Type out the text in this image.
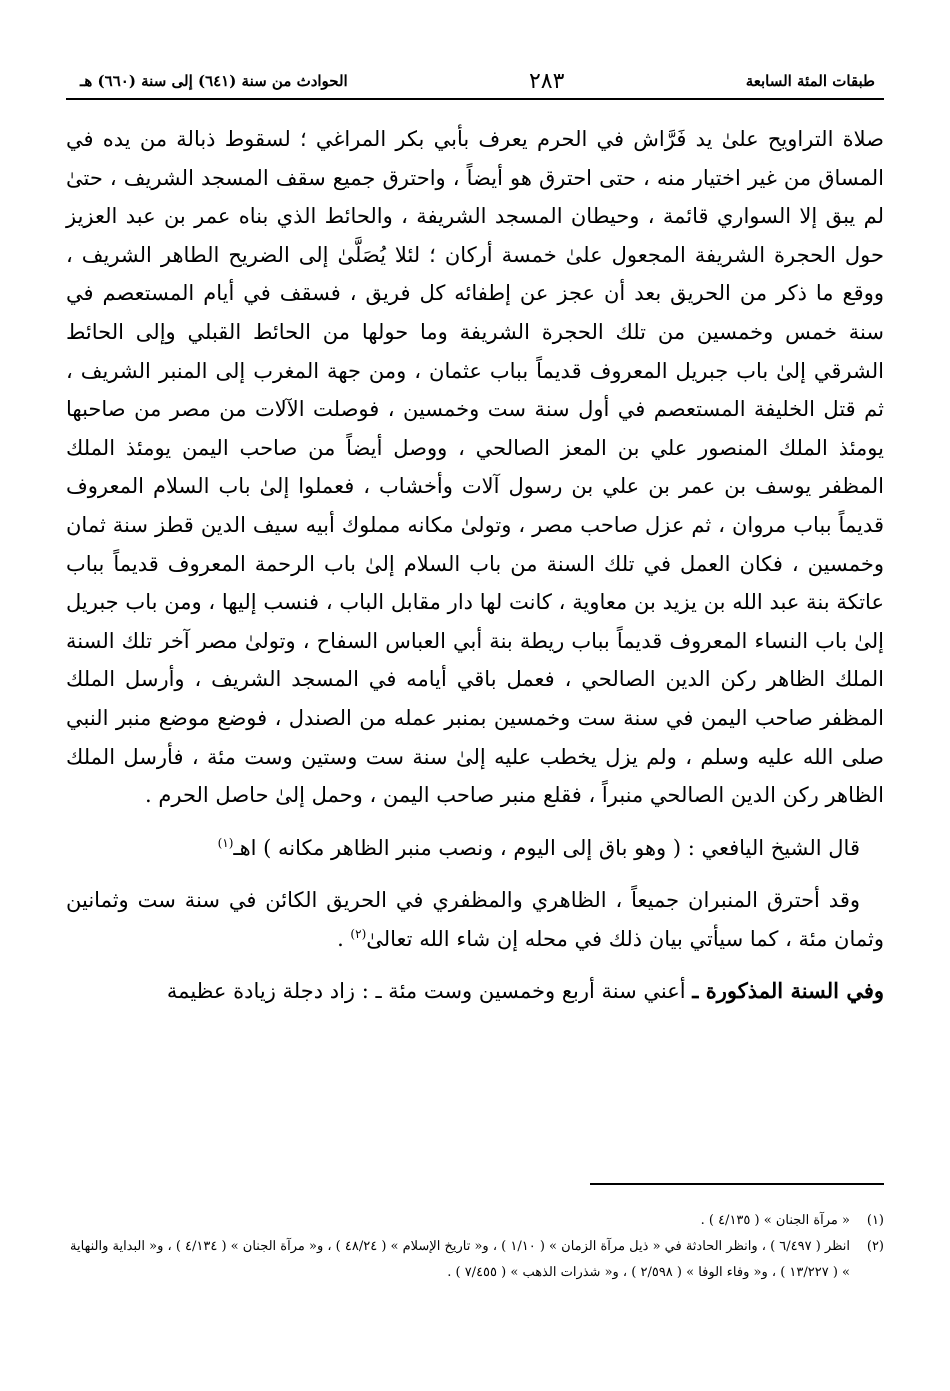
طبقات المئة السابعة
٢٨٣
الحوادث من سنة (٦٤١) إلى سنة (٦٦٠) هـ

صلاة التراويح علىٰ يد فَرَّاش في الحرم يعرف بأبي بكر المراغي ؛ لسقوط ذبالة من يده في المساق من غير اختيار منه ، حتى احترق هو أيضاً ، واحترق جميع سقف المسجد الشريف ، حتىٰ لم يبق إلا السواري قائمة ، وحيطان المسجد الشريفة ، والحائط الذي بناه عمر بن عبد العزيز حول الحجرة الشريفة المجعول علىٰ خمسة أركان ؛ لئلا يُصَلَّىٰ إلى الضريح الطاهر الشريف ، ووقع ما ذكر من الحريق بعد أن عجز عن إطفائه كل فريق ، فسقف في أيام المستعصم في سنة خمس وخمسين من تلك الحجرة الشريفة وما حولها من الحائط القبلي وإلى الحائط الشرقي إلىٰ باب جبريل المعروف قديماً بباب عثمان ، ومن جهة المغرب إلى المنبر الشريف ، ثم قتل الخليفة المستعصم في أول سنة ست وخمسين ، فوصلت الآلات من مصر من صاحبها يومئذ الملك المنصور علي بن المعز الصالحي ، ووصل أيضاً من صاحب اليمن يومئذ الملك المظفر يوسف بن عمر بن علي بن رسول آلات وأخشاب ، فعملوا إلىٰ باب السلام المعروف قديماً بباب مروان ، ثم عزل صاحب مصر ، وتولىٰ مكانه مملوك أبيه سيف الدين قطز سنة ثمان وخمسين ، فكان العمل في تلك السنة من باب السلام إلىٰ باب الرحمة المعروف قديماً بباب عاتكة بنة عبد الله بن يزيد بن معاوية ، كانت لها دار مقابل الباب ، فنسب إليها ، ومن باب جبريل إلىٰ باب النساء المعروف قديماً بباب ريطة بنة أبي العباس السفاح ، وتولىٰ مصر آخر تلك السنة الملك الظاهر ركن الدين الصالحي ، فعمل باقي أيامه في المسجد الشريف ، وأرسل الملك المظفر صاحب اليمن في سنة ست وخمسين بمنبر عمله من الصندل ، فوضع موضع منبر النبي صلى الله عليه وسلم ، ولم يزل يخطب عليه إلىٰ سنة ست وستين وست مئة ، فأرسل الملك الظاهر ركن الدين الصالحي منبراً ، فقلع منبر صاحب اليمن ، وحمل إلىٰ حاصل الحرم .

قال الشيخ اليافعي : ( وهو باق إلى اليوم ، ونصب منبر الظاهر مكانه ) اهـ$^{(١)}$

وقد أحترق المنبران جميعاً ، الظاهري والمظفري في الحريق الكائن في سنة ست وثمانين وثمان مئة ، كما سيأتي بيان ذلك في محله إن شاء الله تعالىٰ$^{(٢)}$ .

وفي السنة المذكورة ـ أعني سنة أربع وخمسين وست مئة ـ : زاد دجلة زيادة عظيمة

(١)
« مرآة الجنان » ( ٤/١٣٥ ) .
(٢)
انظر ( ٦/٤٩٧ ) ، وانظر الحادثة في « ذيل مرآة الزمان » ( ١/١٠ ) ، و« تاريخ الإسلام » ( ٤٨/٢٤ ) ، و« مرآة الجنان » ( ٤/١٣٤ ) ، و« البداية والنهاية » ( ١٣/٢٢٧ ) ، و« وفاء الوفا » ( ٢/٥٩٨ ) ، و« شذرات الذهب » ( ٧/٤٥٥ ) .
